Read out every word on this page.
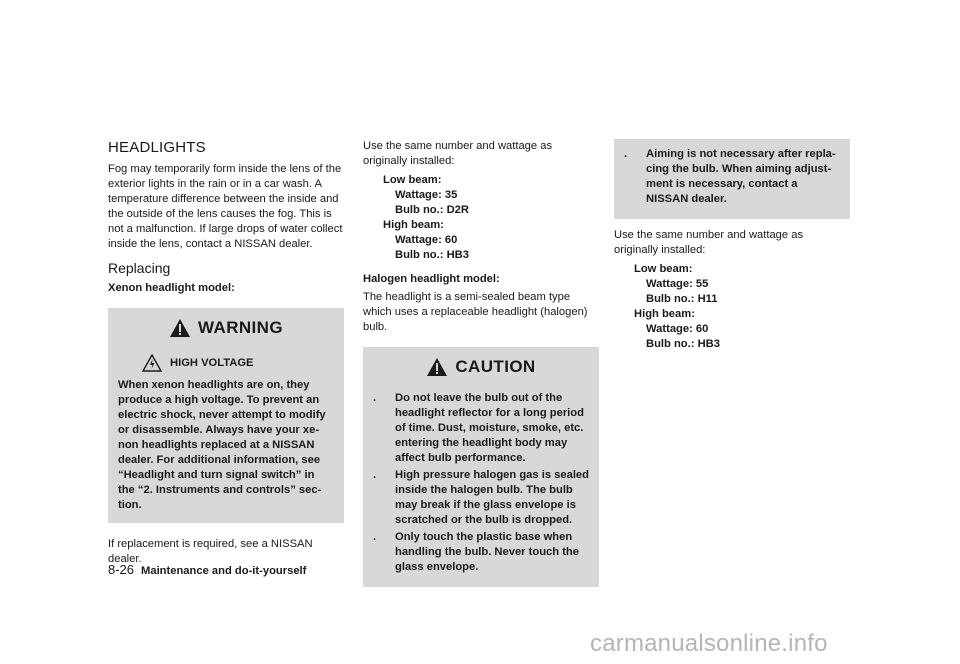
HEADLIGHTS

Fog may temporarily form inside the lens of the exterior lights in the rain or in a car wash. A temperature difference between the inside and the outside of the lens causes the fog. This is not a malfunction. If large drops of water collect inside the lens, contact a NISSAN dealer.

Replacing

Xenon headlight model:

WARNING
HIGH VOLTAGE
When xenon headlights are on, they produce a high voltage. To prevent an electric shock, never attempt to modify or disassemble. Always have your xe-non headlights replaced at a NISSAN dealer. For additional information, see “Headlight and turn signal switch” in the “2. Instruments and controls” sec-tion.

If replacement is required, see a NISSAN dealer.

Use the same number and wattage as originally installed:

Low beam:
Wattage: 35
Bulb no.: D2R
High beam:
Wattage: 60
Bulb no.: HB3

Halogen headlight model:

The headlight is a semi-sealed beam type which uses a replaceable headlight (halogen) bulb.

CAUTION
.	Do not leave the bulb out of the headlight reflector for a long period of time. Dust, moisture, smoke, etc. entering the headlight body may affect bulb performance.
.	High pressure halogen gas is sealed inside the halogen bulb. The bulb may break if the glass envelope is scratched or the bulb is dropped.
.	Only touch the plastic base when handling the bulb. Never touch the glass envelope.
.	Aiming is not necessary after repla-cing the bulb. When aiming adjust-ment is necessary, contact a NISSAN dealer.

Use the same number and wattage as originally installed:

Low beam:
Wattage: 55
Bulb no.: H11
High beam:
Wattage: 60
Bulb no.: HB3
8-26 Maintenance and do-it-yourself
carmanualsonline.info
